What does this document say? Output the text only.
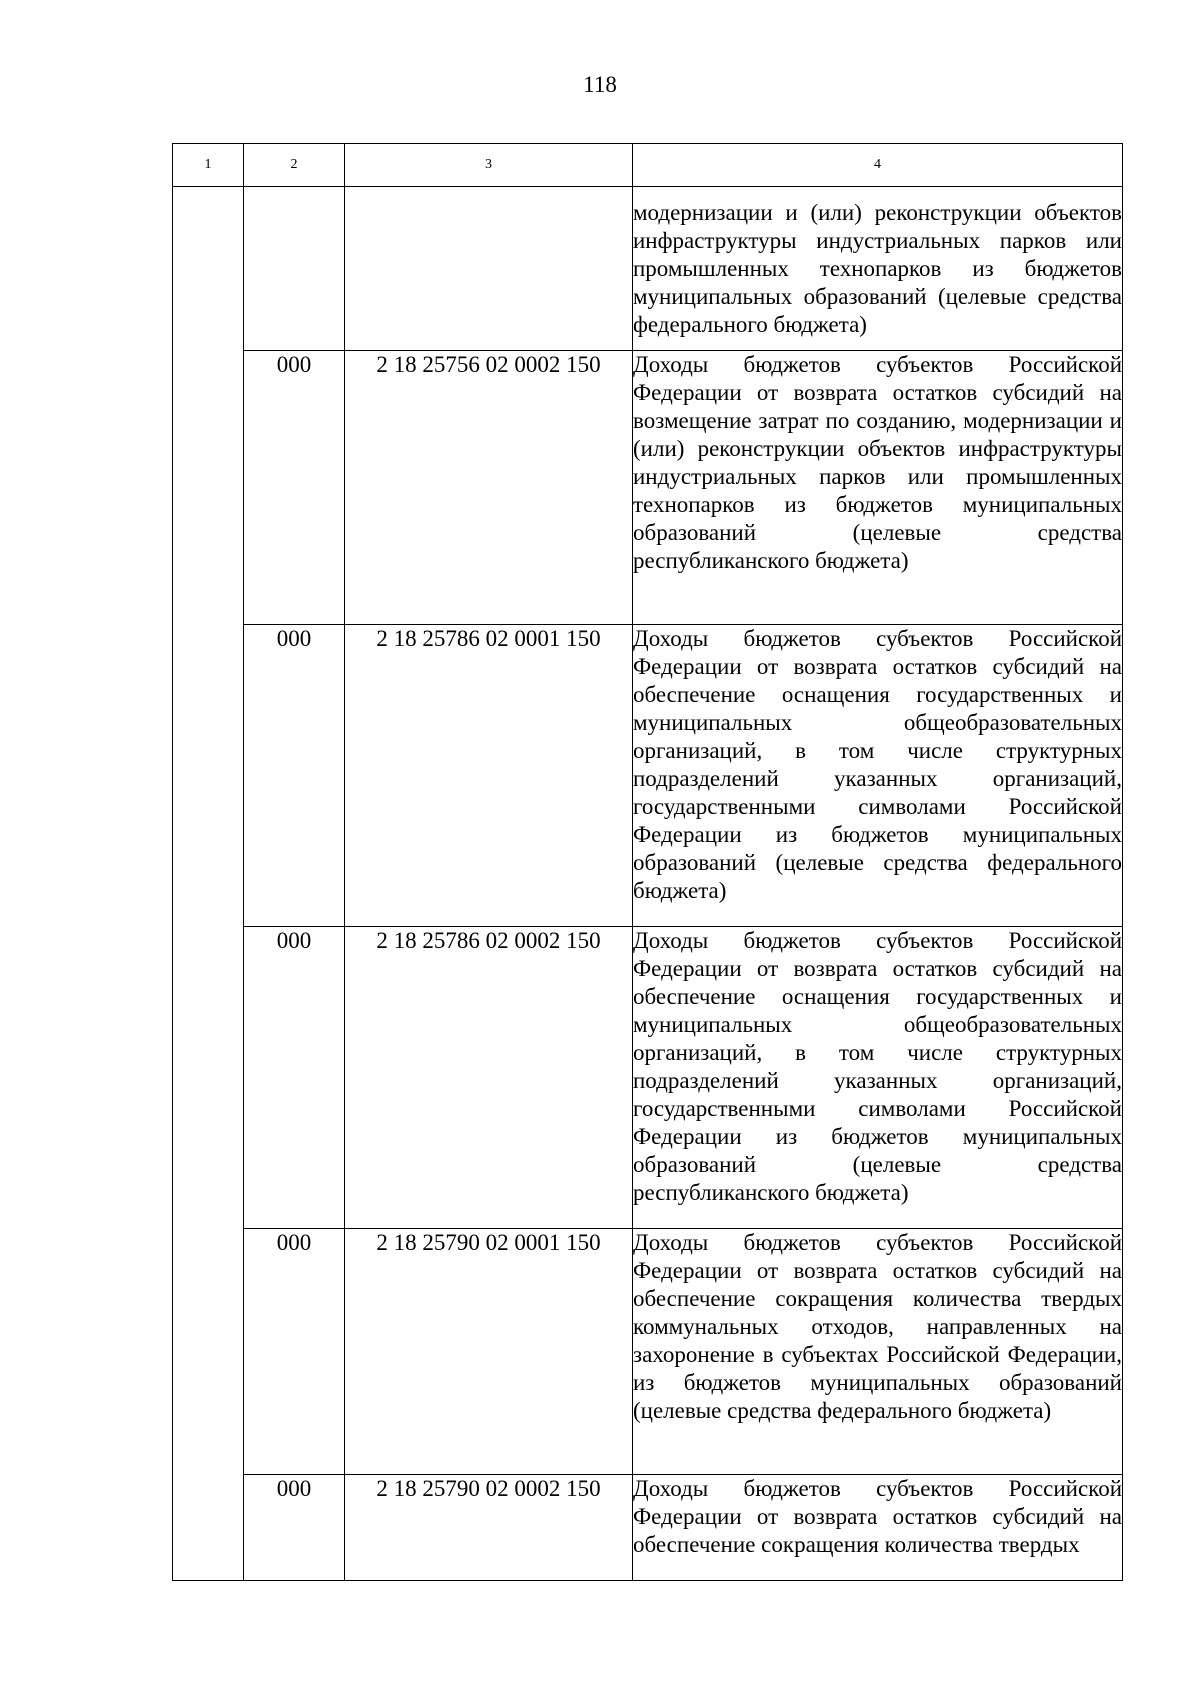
118
1	2	3	4
			модернизации и (или) реконструкции объектов инфраструктуры индустриальных парков или промышленных технопарков из бюджетов муниципальных образований (целевые средства федерального бюджета)
	000	2 18 25756 02 0002 150	Доходы бюджетов субъектов Российской Федерации от возврата остатков субсидий на возмещение затрат по созданию, модернизации и (или) реконструкции объектов инфраструктуры индустриальных парков или промышленных технопарков из бюджетов муниципальных образований (целевые средства республиканского бюджета)
	000	2 18 25786 02 0001 150	Доходы бюджетов субъектов Российской Федерации от возврата остатков субсидий на обеспечение оснащения государственных и муниципальных общеобразовательных организаций, в том числе структурных подразделений указанных организаций, государственными символами Российской Федерации из бюджетов муниципальных образований (целевые средства федерального бюджета)
	000	2 18 25786 02 0002 150	Доходы бюджетов субъектов Российской Федерации от возврата остатков субсидий на обеспечение оснащения государственных и муниципальных общеобразовательных организаций, в том числе структурных подразделений указанных организаций, государственными символами Российской Федерации из бюджетов муниципальных образований (целевые средства республиканского бюджета)
	000	2 18 25790 02 0001 150	Доходы бюджетов субъектов Российской Федерации от возврата остатков субсидий на обеспечение сокращения количества твердых коммунальных отходов, направленных на захоронение в субъектах Российской Федерации, из бюджетов муниципальных образований (целевые средства федерального бюджета)
	000	2 18 25790 02 0002 150	Доходы бюджетов субъектов Российской Федерации от возврата остатков субсидий на обеспечение сокращения количества твердых
